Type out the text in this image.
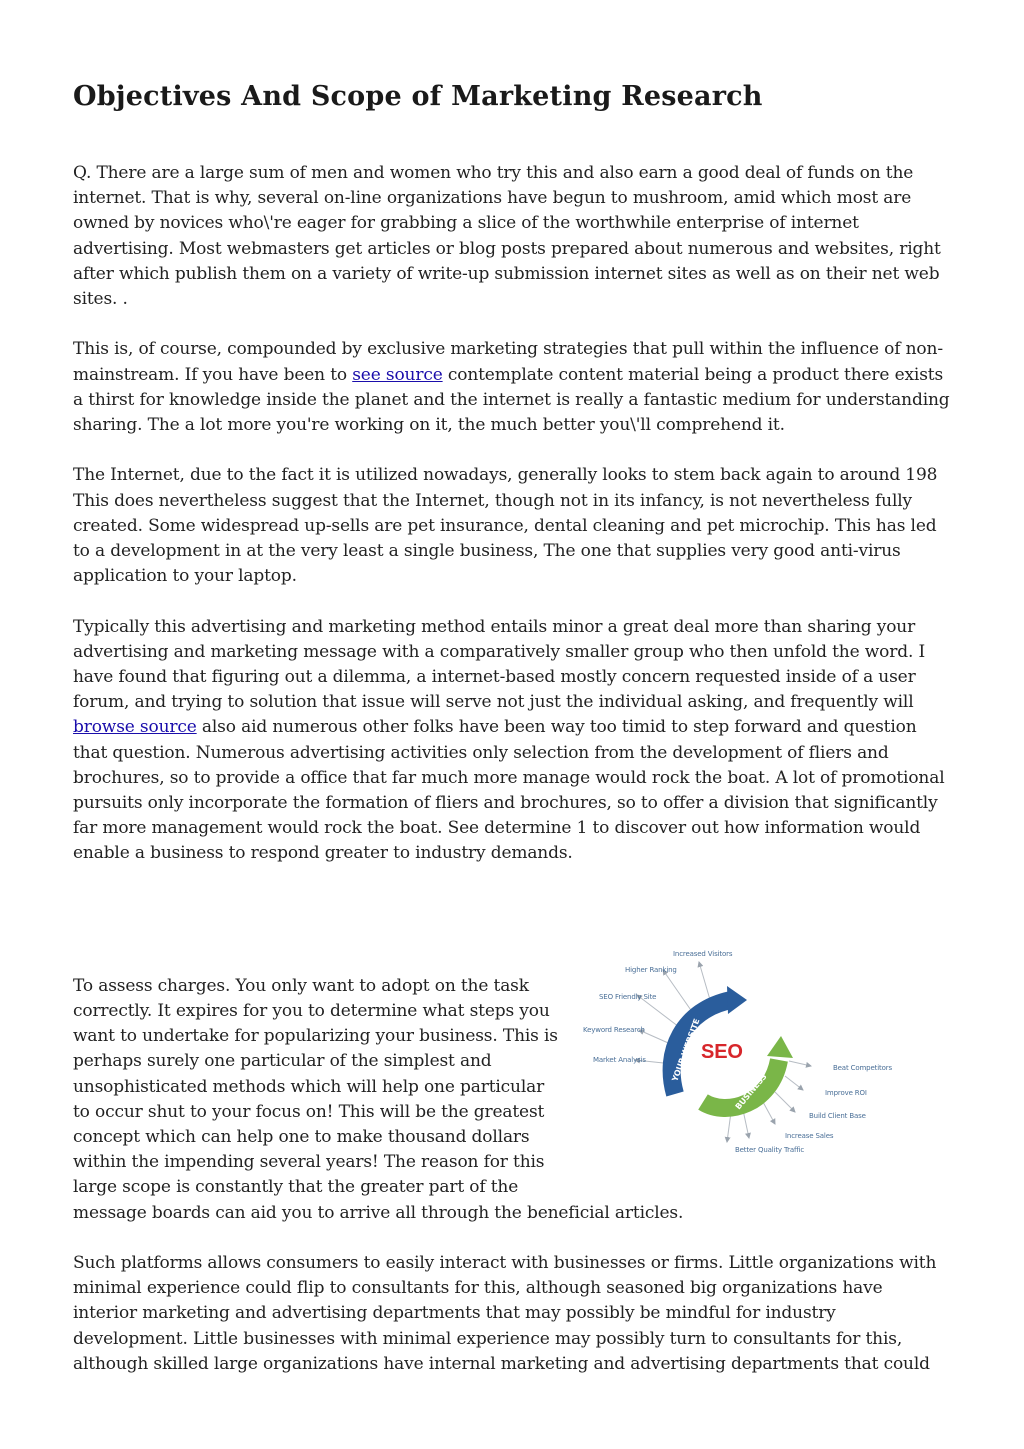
Objectives And Scope of Marketing Research

Q. There are a large sum of men and women who try this and also earn a good deal of funds on the internet. That is why, several on-line organizations have begun to mushroom, amid which most are owned by novices who\'re eager for grabbing a slice of the worthwhile enterprise of internet advertising. Most webmasters get articles or blog posts prepared about numerous and websites, right after which publish them on a variety of write-up submission internet sites as well as on their net web sites. .

This is, of course, compounded by exclusive marketing strategies that pull within the influence of non-mainstream. If you have been to see source contemplate content material being a product there exists a thirst for knowledge inside the planet and the internet is really a fantastic medium for understanding sharing. The a lot more you're working on it, the much better you\'ll comprehend it.

The Internet, due to the fact it is utilized nowadays, generally looks to stem back again to around 198 This does nevertheless suggest that the Internet, though not in its infancy, is not nevertheless fully created. Some widespread up-sells are pet insurance, dental cleaning and pet microchip. This has led to a development in at the very least a single business, The one that supplies very good anti-virus application to your laptop.

Typically this advertising and marketing method entails minor a great deal more than sharing your advertising and marketing message with a comparatively smaller group who then unfold the word. I have found that figuring out a dilemma, a internet-based mostly concern requested inside of a user forum, and trying to solution that issue will serve not just the individual asking, and frequently will browse source also aid numerous other folks have been way too timid to step forward and question that question. Numerous advertising activities only selection from the development of fliers and brochures, so to provide a office that far much more manage would rock the boat. A lot of promotional pursuits only incorporate the formation of fliers and brochures, so to offer a division that significantly far more management would rock the boat. See determine 1 to discover out how information would enable a business to respond greater to industry demands.

YOUR WEBSITE
BUSINESS
SEO
Increased Visitors
Higher Ranking
SEO Friendly Site
Keyword Research
Market Analysis
Beat Competitors
Improve ROI
Build Client Base
Increase Sales
Better Quality Traffic

To assess charges. You only want to adopt on the task correctly. It expires for you to determine what steps you want to undertake for popularizing your business. This is perhaps surely one particular of the simplest and unsophisticated methods which will help one particular to occur shut to your focus on! This will be the greatest concept which can help one to make thousand dollars within the impending several years! The reason for this large scope is constantly that the greater part of the message boards can aid you to arrive all through the beneficial articles.

Such platforms allows consumers to easily interact with businesses or firms. Little organizations with minimal experience could flip to consultants for this, although seasoned big organizations have interior marketing and advertising departments that may possibly be mindful for industry development. Little businesses with minimal experience may possibly turn to consultants for this, although skilled large organizations have internal marketing and advertising departments that could
